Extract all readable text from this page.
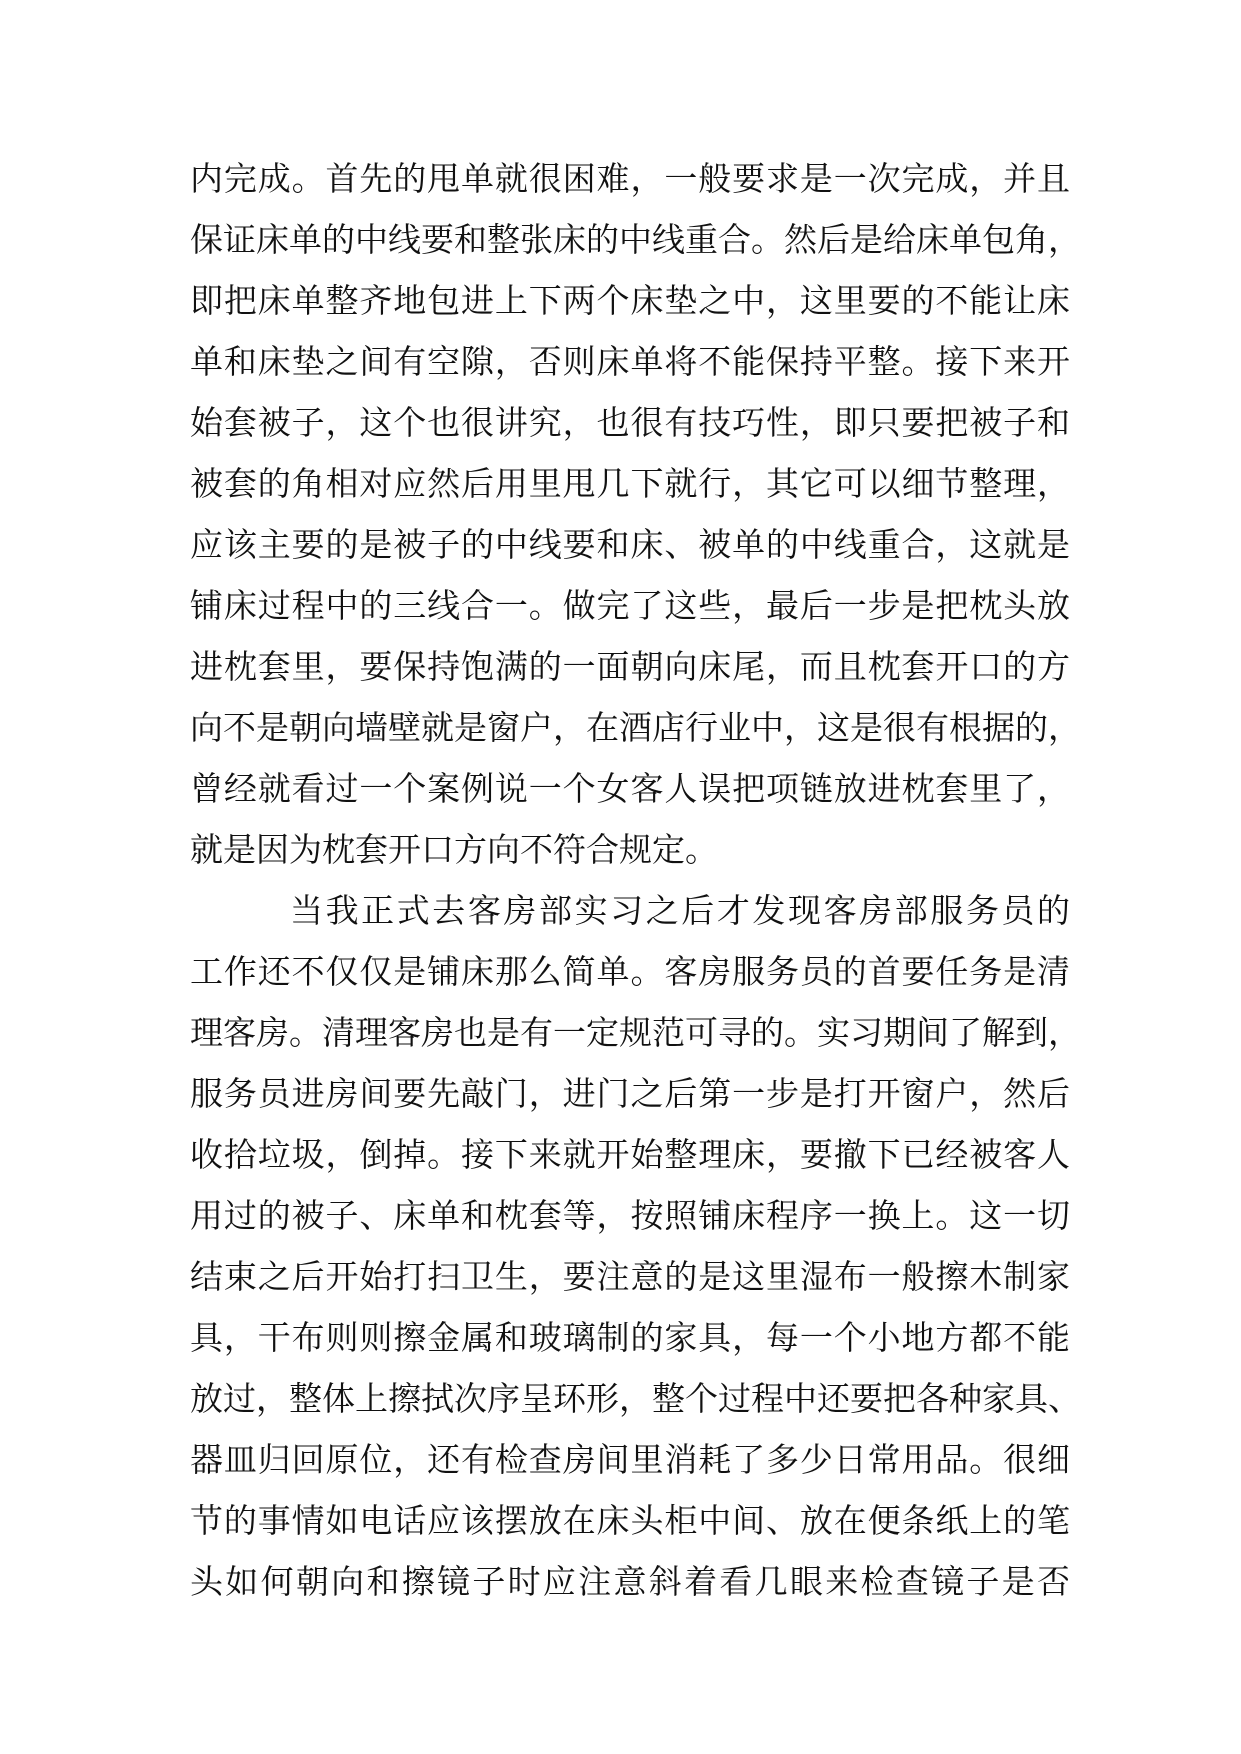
内完成。首先的甩单就很困难，一般要求是一次完成，并且
保证床单的中线要和整张床的中线重合。然后是给床单包角，
即把床单整齐地包进上下两个床垫之中，这里要的不能让床
单和床垫之间有空隙，否则床单将不能保持平整。接下来开
始套被子，这个也很讲究，也很有技巧性，即只要把被子和
被套的角相对应然后用里甩几下就行，其它可以细节整理，
应该主要的是被子的中线要和床、被单的中线重合，这就是
铺床过程中的三线合一。做完了这些，最后一步是把枕头放
进枕套里，要保持饱满的一面朝向床尾，而且枕套开口的方
向不是朝向墙壁就是窗户，在酒店行业中，这是很有根据的，
曾经就看过一个案例说一个女客人误把项链放进枕套里了，
就是因为枕套开口方向不符合规定。
当我正式去客房部实习之后才发现客房部服务员的
工作还不仅仅是铺床那么简单。客房服务员的首要任务是清
理客房。清理客房也是有一定规范可寻的。实习期间了解到，
服务员进房间要先敲门，进门之后第一步是打开窗户，然后
收拾垃圾，倒掉。接下来就开始整理床，要撤下已经被客人
用过的被子、床单和枕套等，按照铺床程序一换上。这一切
结束之后开始打扫卫生，要注意的是这里湿布一般擦木制家
具，干布则则擦金属和玻璃制的家具，每一个小地方都不能
放过，整体上擦拭次序呈环形，整个过程中还要把各种家具、
器皿归回原位，还有检查房间里消耗了多少日常用品。很细
节的事情如电话应该摆放在床头柜中间、放在便条纸上的笔
头如何朝向和擦镜子时应注意斜着看几眼来检查镜子是否
